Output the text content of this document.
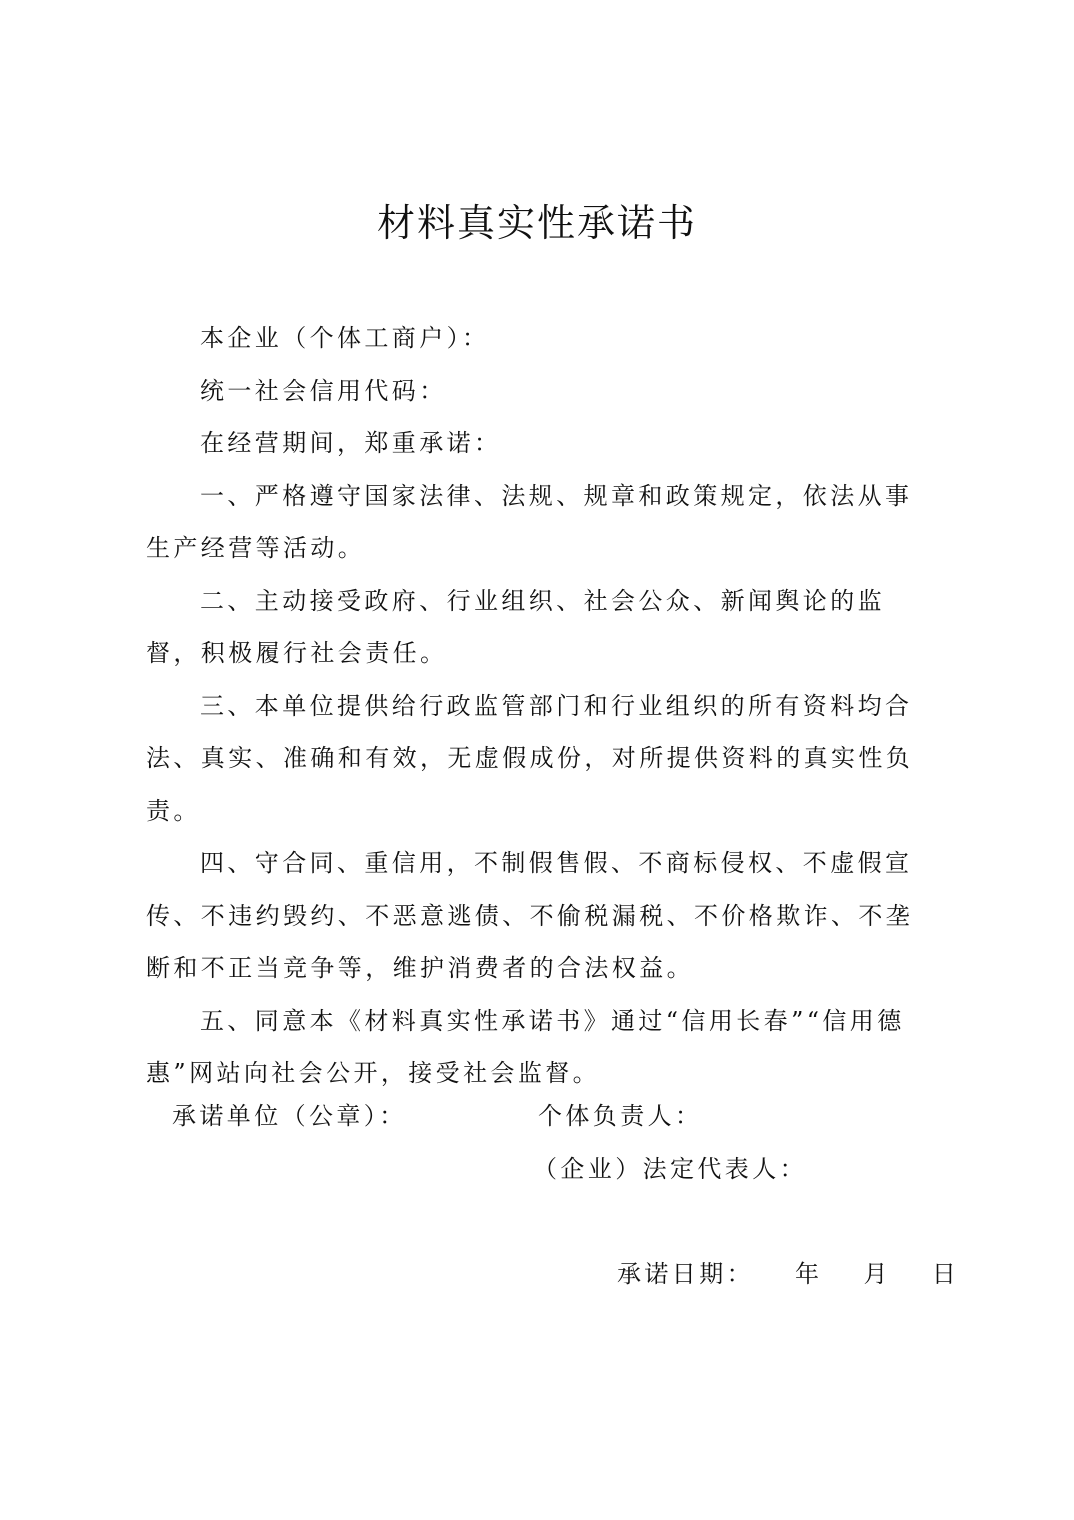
材料真实性承诺书

本企业（个体工商户）：

统一社会信用代码：

在经营期间，郑重承诺：

一、严格遵守国家法律、法规、规章和政策规定，依法从事生产经营等活动。

二、主动接受政府、行业组织、社会公众、新闻舆论的监督，积极履行社会责任。

三、本单位提供给行政监管部门和行业组织的所有资料均合法、真实、准确和有效，无虚假成份，对所提供资料的真实性负责。

四、守合同、重信用，不制假售假、不商标侵权、不虚假宣传、不违约毁约、不恶意逃债、不偷税漏税、不价格欺诈、不垄断和不正当竞争等，维护消费者的合法权益。

五、同意本《材料真实性承诺书》通过“信用长春”“信用德惠”网站向社会公开，接受社会监督。

承诺单位（公章）：	个体负责人：
（企业）法定代表人：
承诺日期： 年 月 日
